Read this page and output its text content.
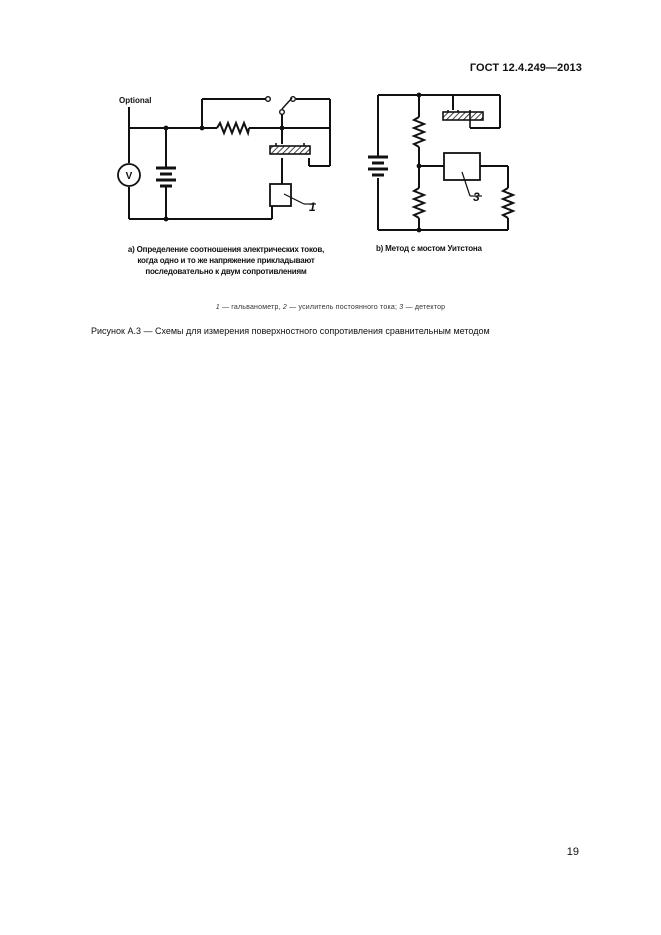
ГОСТ 12.4.249—2013
Optional
V
1
3
a) Определение соотношения электрических токов, когда одно и то же напряжение прикладывают последовательно к двум сопротивлениям
b) Метод с мостом Уитстона
1 — гальванометр, 2 — усилитель постоянного тока; 3 — детектор
Рисунок А.3 — Схемы для измерения поверхностного сопротивления сравнительным методом
19
